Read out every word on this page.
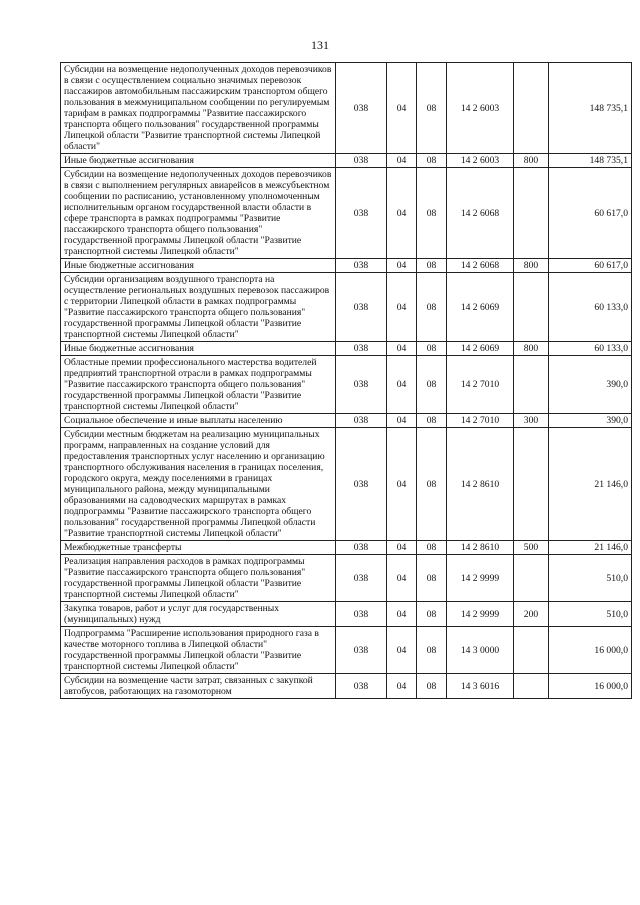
131
Субсидии на возмещение недополученных доходов перевозчиков в связи с осуществлением социально значимых перевозок пассажиров автомобильным пассажирским транспортом общего пользования в межмуниципальном сообщении по регулируемым тарифам в рамках подпрограммы "Развитие пассажирского транспорта общего пользования" государственной программы Липецкой области "Развитие транспортной системы Липецкой области"	038	04	08	14 2 6003		148 735,1
Иные бюджетные ассигнования	038	04	08	14 2 6003	800	148 735,1
Субсидии на возмещение недополученных доходов перевозчиков в связи с выполнением регулярных авиарейсов в межсубъектном сообщении по расписанию, установленному уполномоченным исполнительным органом государственной власти области в сфере транспорта в рамках подпрограммы "Развитие пассажирского транспорта общего пользования" государственной программы Липецкой области "Развитие транспортной системы Липецкой области"	038	04	08	14 2 6068		60 617,0
Иные бюджетные ассигнования	038	04	08	14 2 6068	800	60 617,0
Субсидии организациям воздушного транспорта на осуществление региональных воздушных перевозок пассажиров с территории Липецкой области в рамках подпрограммы "Развитие пассажирского транспорта общего пользования" государственной программы Липецкой области "Развитие транспортной системы Липецкой области"	038	04	08	14 2 6069		60 133,0
Иные бюджетные ассигнования	038	04	08	14 2 6069	800	60 133,0
Областные премии профессионального мастерства водителей предприятий транспортной отрасли в рамках подпрограммы "Развитие пассажирского транспорта общего пользования" государственной программы Липецкой области "Развитие транспортной системы Липецкой области"	038	04	08	14 2 7010		390,0
Социальное обеспечение и иные выплаты населению	038	04	08	14 2 7010	300	390,0
Субсидии местным бюджетам на реализацию муниципальных программ, направленных на создание условий для предоставления транспортных услуг населению и организацию транспортного обслуживания населения в границах поселения, городского округа, между поселениями в границах муниципального района, между муниципальными образованиями на садоводческих маршрутах в рамках подпрограммы "Развитие пассажирского транспорта общего пользования" государственной программы Липецкой области "Развитие транспортной системы Липецкой области"	038	04	08	14 2 8610		21 146,0
Межбюджетные трансферты	038	04	08	14 2 8610	500	21 146,0
Реализация направления расходов в рамках подпрограммы "Развитие пассажирского транспорта общего пользования" государственной программы Липецкой области "Развитие транспортной системы Липецкой области"	038	04	08	14 2 9999		510,0
Закупка товаров, работ и услуг для государственных (муниципальных) нужд	038	04	08	14 2 9999	200	510,0
Подпрограмма "Расширение использования природного газа в качестве моторного топлива в Липецкой области" государственной программы Липецкой области "Развитие транспортной системы Липецкой области"	038	04	08	14 3 0000		16 000,0
Субсидии на возмещение части затрат, связанных с закупкой автобусов, работающих на газомоторном	038	04	08	14 3 6016		16 000,0
